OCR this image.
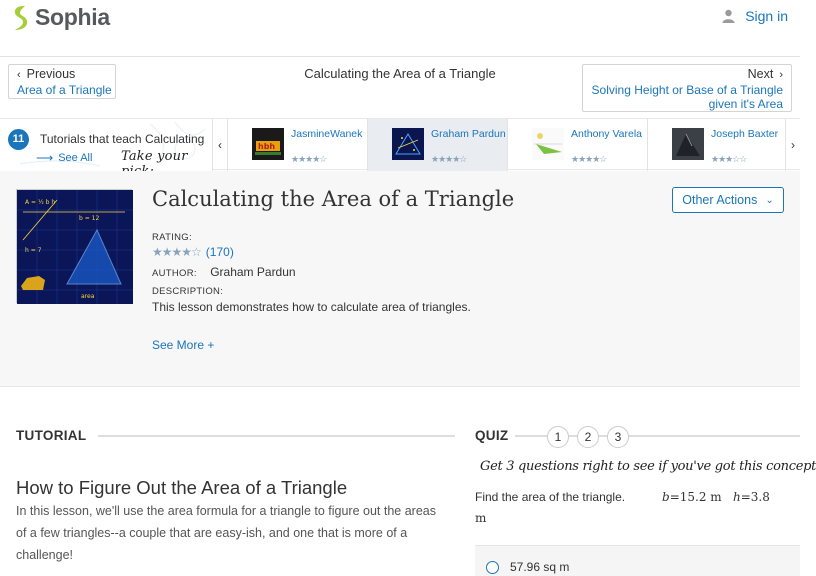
Sophia	Sign in
‹ Previous
Area of a Triangle
Calculating the Area of a Triangle	Next ›
Solving Height or Base of a Triangle
given it's Area
11	Tutorials that teach Calculating
⟶ See All Take your
‹	hbh
JasmineWanek
★★★★☆
Graham Pardun
★★★★☆
Anthony Varela
★★★★☆
Joseph Baxter
★★★☆☆
›
A = ½ b h
b = 12
h = 7
area
Calculating the Area of a Triangle	Other Actions ⌄
RATING:
★★★★☆ (170)
AUTHOR: Graham Pardun
DESCRIPTION:
This lesson demonstrates how to calculate area of triangles.
See More +
TUTORIAL
How to Figure Out the Area of a Triangle
In this lesson, we'll use the area formula for a triangle to figure out the areas of a few triangles--a couple that are easy-ish, and one that is more of a challenge!
QUIZ	1	2	3
Get 3 questions right to see if you've got this concept
Find the area of the triangle.	b=15.2 m h=3.8
m
57.96 sq m
